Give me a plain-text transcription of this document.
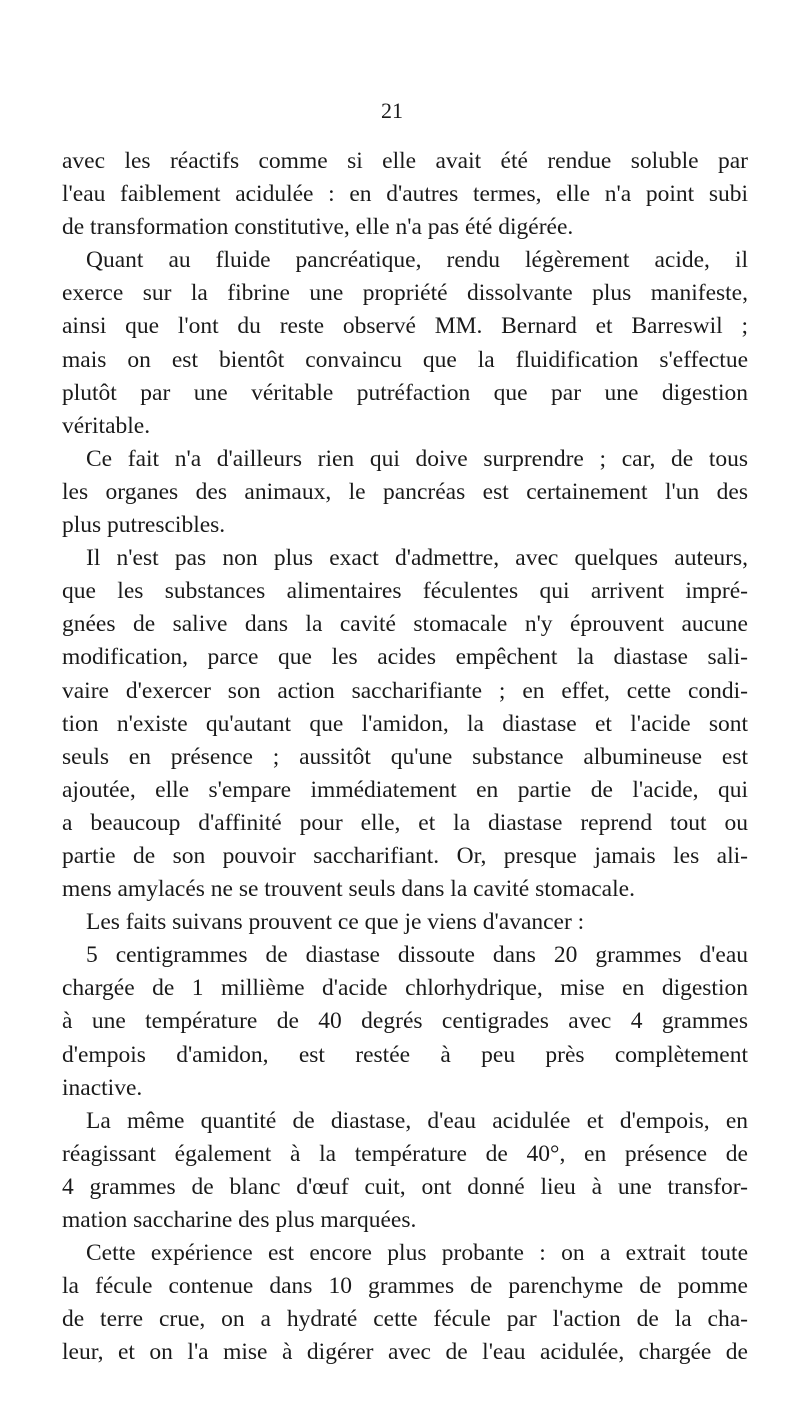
21
avec les réactifs comme si elle avait été rendue soluble par
l'eau faiblement acidulée : en d'autres termes, elle n'a point subi
de transformation constitutive, elle n'a pas été digérée.
Quant au fluide pancréatique, rendu légèrement acide, il
exerce sur la fibrine une propriété dissolvante plus manifeste,
ainsi que l'ont du reste observé MM. Bernard et Barreswil ;
mais on est bientôt convaincu que la fluidification s'effectue
plutôt par une véritable putréfaction que par une digestion
véritable.
Ce fait n'a d'ailleurs rien qui doive surprendre ; car, de tous
les organes des animaux, le pancréas est certainement l'un des
plus putrescibles.
Il n'est pas non plus exact d'admettre, avec quelques auteurs,
que les substances alimentaires féculentes qui arrivent impré-
gnées de salive dans la cavité stomacale n'y éprouvent aucune
modification, parce que les acides empêchent la diastase sali-
vaire d'exercer son action saccharifiante ; en effet, cette condi-
tion n'existe qu'autant que l'amidon, la diastase et l'acide sont
seuls en présence ; aussitôt qu'une substance albumineuse est
ajoutée, elle s'empare immédiatement en partie de l'acide, qui
a beaucoup d'affinité pour elle, et la diastase reprend tout ou
partie de son pouvoir saccharifiant. Or, presque jamais les ali-
mens amylacés ne se trouvent seuls dans la cavité stomacale.
Les faits suivans prouvent ce que je viens d'avancer :
5 centigrammes de diastase dissoute dans 20 grammes d'eau
chargée de 1 millième d'acide chlorhydrique, mise en digestion
à une température de 40 degrés centigrades avec 4 grammes
d'empois d'amidon, est restée à peu près complètement
inactive.
La même quantité de diastase, d'eau acidulée et d'empois, en
réagissant également à la température de 40°, en présence de
4 grammes de blanc d'œuf cuit, ont donné lieu à une transfor-
mation saccharine des plus marquées.
Cette expérience est encore plus probante : on a extrait toute
la fécule contenue dans 10 grammes de parenchyme de pomme
de terre crue, on a hydraté cette fécule par l'action de la cha-
leur, et on l'a mise à digérer avec de l'eau acidulée, chargée de
